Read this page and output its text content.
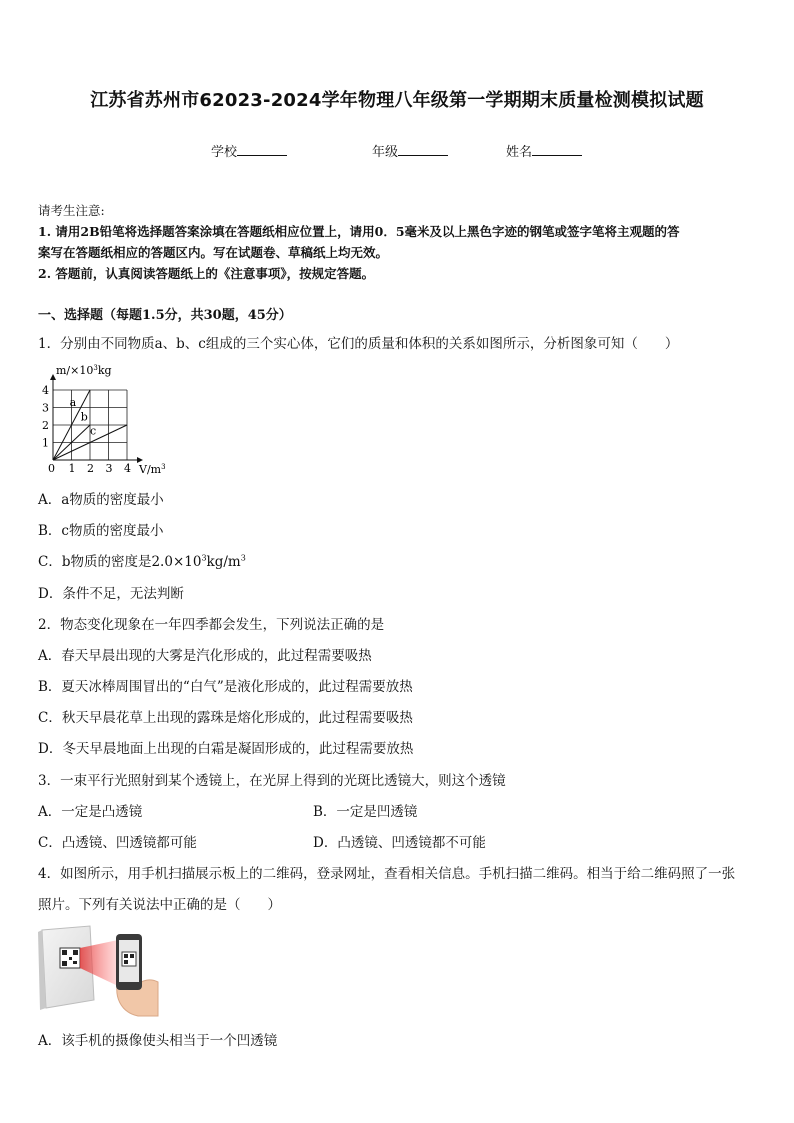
江苏省苏州市62023-2024学年物理八年级第一学期期末质量检测模拟试题
学校	年级	姓名
请考生注意:
1. 请用2B铅笔将选择题答案涂填在答题纸相应位置上，请用0．5毫米及以上黑色字迹的钢笔或签字笔将主观题的答
案写在答题纸相应的答题区内。写在试题卷、草稿纸上均无效。
2. 答题前，认真阅读答题纸上的《注意事项》，按规定答题。
一、选择题（每题1.5分，共30题，45分）
1．分别由不同物质a、b、c组成的三个实心体，它们的质量和体积的关系如图所示，分析图象可知（　　）
$m/\times 10^3kg$
1 2 3 4
1
2
3
4
a
b
c
$V/m^3$
0
A．a物质的密度最小
B．c物质的密度最小
C．b物质的密度是$2.0\times 10^3kg/m^3$
D．条件不足，无法判断
2．物态变化现象在一年四季都会发生，下列说法正确的是
A．春天早晨出现的大雾是汽化形成的，此过程需要吸热
B．夏天冰棒周围冒出的“白气”是液化形成的，此过程需要放热
C．秋天早晨花草上出现的露珠是熔化形成的，此过程需要吸热
D．冬天早晨地面上出现的白霜是凝固形成的，此过程需要放热
3．一束平行光照射到某个透镜上，在光屏上得到的光斑比透镜大，则这个透镜
A．一定是凸透镜	B．一定是凹透镜
C．凸透镜、凹透镜都可能	D．凸透镜、凹透镜都不可能
4．如图所示，用手机扫描展示板上的二维码，登录网址，查看相关信息。手机扫描二维码。相当于给二维码照了一张
照片。下列有关说法中正确的是（　　）
A．该手机的摄像使头相当于一个凹透镜
